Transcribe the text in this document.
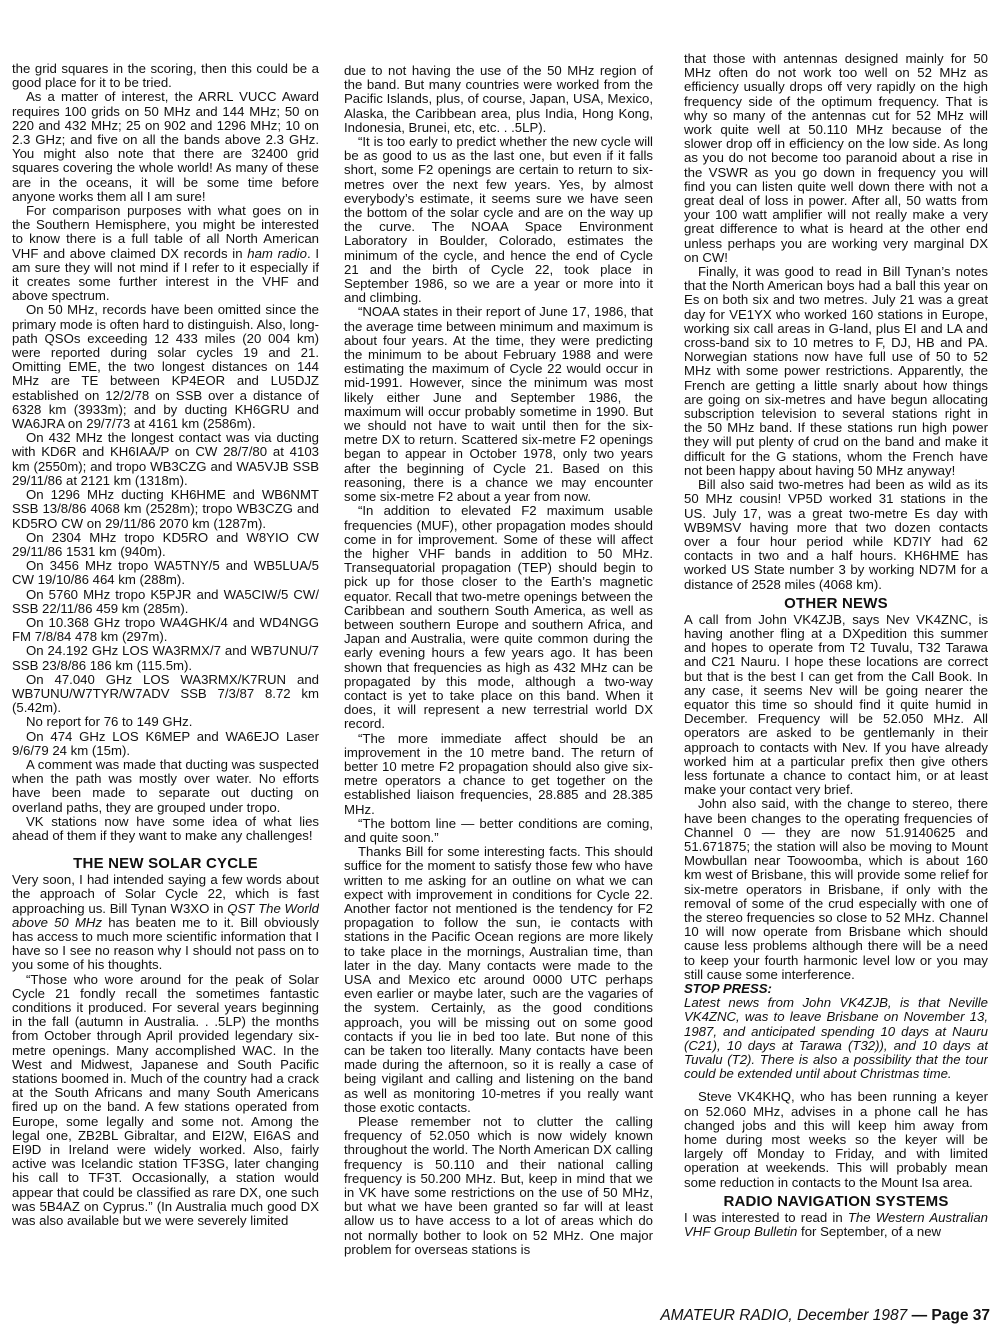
the grid squares in the scoring, then this could be a good place for it to be tried.

As a matter of interest, the ARRL VUCC Award requires 100 grids on 50 MHz and 144 MHz; 50 on 220 and 432 MHz; 25 on 902 and 1296 MHz; 10 on 2.3 GHz; and five on all the bands above 2.3 GHz. You might also note that there are 32400 grid squares covering the whole world! As many of these are in the oceans, it will be some time before anyone works them all I am sure!

For comparison purposes with what goes on in the Southern Hemisphere, you might be interested to know there is a full table of all North American VHF and above claimed DX records in ham radio. I am sure they will not mind if I refer to it especially if it creates some further interest in the VHF and above spectrum.

On 50 MHz, records have been omitted since the primary mode is often hard to distinguish. Also, long-path QSOs exceeding 12 433 miles (20 004 km) were reported during solar cycles 19 and 21. Omitting EME, the two longest distances on 144 MHz are TE between KP4EOR and LU5DJZ established on 12/2/78 on SSB over a distance of 6328 km (3933m); and by ducting KH6GRU and WA6JRA on 29/7/73 at 4161 km (2586m).

On 432 MHz the longest contact was via ducting with KD6R and KH6IAA/P on CW 28/7/80 at 4103 km (2550m); and tropo WB3CZG and WA5VJB SSB 29/11/86 at 2121 km (1318m).

On 1296 MHz ducting KH6HME and WB6NMT SSB 13/8/86 4068 km (2528m); tropo WB3CZG and KD5RO CW on 29/11/86 2070 km (1287m).

On 2304 MHz tropo KD5RO and W8YIO CW 29/11/86 1531 km (940m).

On 3456 MHz tropo WA5TNY/5 and WB5LUA/5 CW 19/10/86 464 km (288m).

On 5760 MHz tropo K5PJR and WA5CIW/5 CW/ SSB 22/11/86 459 km (285m).

On 10.368 GHz tropo WA4GHK/4 and WD4NGG FM 7/8/84 478 km (297m).

On 24.192 GHz LOS WA3RMX/7 and WB7UNU/7 SSB 23/8/86 186 km (115.5m).

On 47.040 GHz LOS WA3RMX/K7RUN and WB7UNU/W7TYR/W7ADV SSB 7/3/87 8.72 km (5.42m).

No report for 76 to 149 GHz.

On 474 GHz LOS K6MEP and WA6EJO Laser 9/6/79 24 km (15m).

A comment was made that ducting was suspected when the path was mostly over water. No efforts have been made to separate out ducting on overland paths, they are grouped under tropo.

VK stations now have some idea of what lies ahead of them if they want to make any challenges!

THE NEW SOLAR CYCLE

Very soon, I had intended saying a few words about the approach of Solar Cycle 22, which is fast approaching us. Bill Tynan W3XO in QST The World above 50 MHz has beaten me to it. Bill obviously has access to much more scientific information that I have so I see no reason why I should not pass on to you some of his thoughts.

“Those who wore around for the peak of Solar Cycle 21 fondly recall the sometimes fantastic conditions it produced. For several years beginning in the fall (autumn in Australia. . .5LP) the months from October through April provided legendary six-metre openings. Many accomplished WAC. In the West and Midwest, Japanese and South Pacific stations boomed in. Much of the country had a crack at the South Africans and many South Americans fired up on the band. A few stations operated from Europe, some legally and some not. Among the legal one, ZB2BL Gibraltar, and EI2W, EI6AS and EI9D in Ireland were widely worked. Also, fairly active was Icelandic station TF3SG, later changing his call to TF3T. Occasionally, a station would appear that could be classified as rare DX, one such was 5B4AZ on Cyprus.” (In Australia much good DX was also available but we were severely limited

due to not having the use of the 50 MHz region of the band. But many countries were worked from the Pacific Islands, plus, of course, Japan, USA, Mexico, Alaska, the Caribbean area, plus India, Hong Kong, Indonesia, Brunei, etc, etc. . .5LP).

“It is too early to predict whether the new cycle will be as good to us as the last one, but even if it falls short, some F2 openings are certain to return to six-metres over the next few years. Yes, by almost everybody’s estimate, it seems sure we have seen the bottom of the solar cycle and are on the way up the curve. The NOAA Space Environment Laboratory in Boulder, Colorado, estimates the minimum of the cycle, and hence the end of Cycle 21 and the birth of Cycle 22, took place in September 1986, so we are a year or more into it and climbing.

“NOAA states in their report of June 17, 1986, that the average time between minimum and maximum is about four years. At the time, they were predicting the minimum to be about February 1988 and were estimating the maximum of Cycle 22 would occur in mid-1991. However, since the minimum was most likely either June and September 1986, the maximum will occur probably sometime in 1990. But we should not have to wait until then for the six-metre DX to return. Scattered six-metre F2 openings began to appear in October 1978, only two years after the beginning of Cycle 21. Based on this reasoning, there is a chance we may encounter some six-metre F2 about a year from now.

“In addition to elevated F2 maximum usable frequencies (MUF), other propagation modes should come in for improvement. Some of these will affect the higher VHF bands in addition to 50 MHz. Transequatorial propagation (TEP) should begin to pick up for those closer to the Earth’s magnetic equator. Recall that two-metre openings between the Caribbean and southern South America, as well as between southern Europe and southern Africa, and Japan and Australia, were quite common during the early evening hours a few years ago. It has been shown that frequencies as high as 432 MHz can be propagated by this mode, although a two-way contact is yet to take place on this band. When it does, it will represent a new terrestrial world DX record.

“The more immediate affect should be an improvement in the 10 metre band. The return of better 10 metre F2 propagation should also give six-metre operators a chance to get together on the established liaison frequencies, 28.885 and 28.385 MHz.

“The bottom line — better conditions are coming, and quite soon.”

Thanks Bill for some interesting facts. This should suffice for the moment to satisfy those few who have written to me asking for an outline on what we can expect with improvement in conditions for Cycle 22. Another factor not mentioned is the tendency for F2 propagation to follow the sun, ie contacts with stations in the Pacific Ocean regions are more likely to take place in the mornings, Australian time, than later in the day. Many contacts were made to the USA and Mexico etc around 0000 UTC perhaps even earlier or maybe later, such are the vagaries of the system. Certainly, as the good conditions approach, you will be missing out on some good contacts if you lie in bed too late. But none of this can be taken too literally. Many contacts have been made during the afternoon, so it is really a case of being vigilant and calling and listening on the band as well as monitoring 10-metres if you really want those exotic contacts.

Please remember not to clutter the calling frequency of 52.050 which is now widely known throughout the world. The North American DX calling frequency is 50.110 and their national calling frequency is 50.200 MHz. But, keep in mind that we in VK have some restrictions on the use of 50 MHz, but what we have been granted so far will at least allow us to have access to a lot of areas which do not normally bother to look on 52 MHz. One major problem for overseas stations is

that those with antennas designed mainly for 50 MHz often do not work too well on 52 MHz as efficiency usually drops off very rapidly on the high frequency side of the optimum frequency. That is why so many of the antennas cut for 52 MHz will work quite well at 50.110 MHz because of the slower drop off in efficiency on the low side. As long as you do not become too paranoid about a rise in the VSWR as you go down in frequency you will find you can listen quite well down there with not a great deal of loss in power. After all, 50 watts from your 100 watt amplifier will not really make a very great difference to what is heard at the other end unless perhaps you are working very marginal DX on CW!

Finally, it was good to read in Bill Tynan’s notes that the North American boys had a ball this year on Es on both six and two metres. July 21 was a great day for VE1YX who worked 160 stations in Europe, working six call areas in G-land, plus EI and LA and cross-band six to 10 metres to F, DJ, HB and PA. Norwegian stations now have full use of 50 to 52 MHz with some power restrictions. Apparently, the French are getting a little snarly about how things are going on six-metres and have begun allocating subscription television to several stations right in the 50 MHz band. If these stations run high power they will put plenty of crud on the band and make it difficult for the G stations, whom the French have not been happy about having 50 MHz anyway!

Bill also said two-metres had been as wild as its 50 MHz cousin! VP5D worked 31 stations in the US. July 17, was a great two-metre Es day with WB9MSV having more that two dozen contacts over a four hour period while KD7IY had 62 contacts in two and a half hours. KH6HME has worked US State number 3 by working ND7M for a distance of 2528 miles (4068 km).

OTHER NEWS

A call from John VK4ZJB, says Nev VK4ZNC, is having another fling at a DXpedition this summer and hopes to operate from T2 Tuvalu, T32 Tarawa and C21 Nauru. I hope these locations are correct but that is the best I can get from the Call Book. In any case, it seems Nev will be going nearer the equator this time so should find it quite humid in December. Frequency will be 52.050 MHz. All operators are asked to be gentlemanly in their approach to contacts with Nev. If you have already worked him at a particular prefix then give others less fortunate a chance to contact him, or at least make your contact very brief.

John also said, with the change to stereo, there have been changes to the operating frequencies of Channel 0 — they are now 51.9140625 and 51.671875; the station will also be moving to Mount Mowbullan near Toowoomba, which is about 160 km west of Brisbane, this will provide some relief for six-metre operators in Brisbane, if only with the removal of some of the crud especially with one of the stereo frequencies so close to 52 MHz. Channel 10 will now operate from Brisbane which should cause less problems although there will be a need to keep your fourth harmonic level low or you may still cause some interference.

STOP PRESS:

Latest news from John VK4ZJB, is that Neville VK4ZNC, was to leave Brisbane on November 13, 1987, and anticipated spending 10 days at Nauru (C21), 10 days at Tarawa (T32)), and 10 days at Tuvalu (T2). There is also a possibility that the tour could be extended until about Christmas time.

Steve VK4KHQ, who has been running a keyer on 52.060 MHz, advises in a phone call he has changed jobs and this will keep him away from home during most weeks so the keyer will be largely off Monday to Friday, and with limited operation at weekends. This will probably mean some reduction in contacts to the Mount Isa area.

RADIO NAVIGATION SYSTEMS

I was interested to read in The Western Australian VHF Group Bulletin for September, of a new

AMATEUR RADIO, December 1987 — Page 37
